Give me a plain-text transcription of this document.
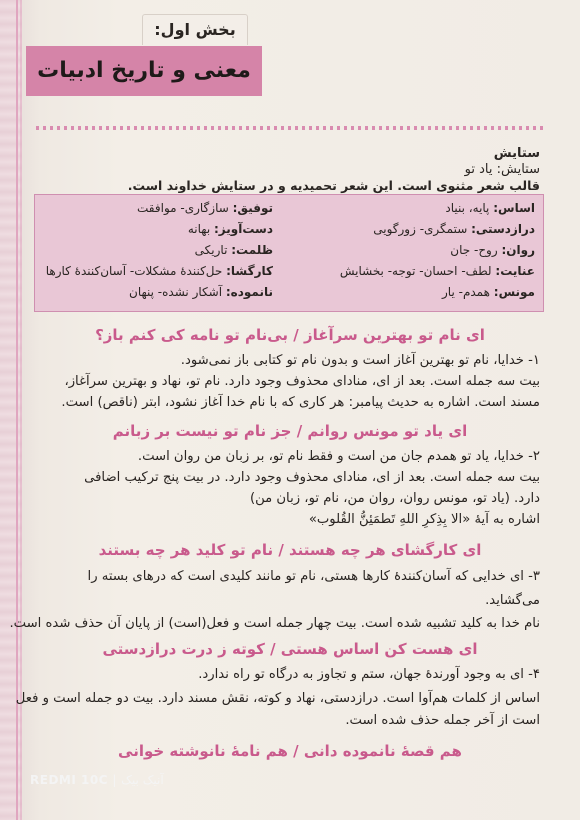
بخش اول:
معنی و تاریخ ادبیات
ستایش
ستایش: یاد تو
قالب شعر مثنوی است. این شعر تحمیدیه و در ستایش خداوند است.
اساس: پایه، بنیاد
درازدستی: ستمگری- زورگویی
روان: روح- جان
عنایت: لطف- احسان- توجه- بخشایش
مونس: همدم- یار
توفیق: سازگاری- موافقت
دست‌آویز: بهانه
ظلمت: تاریکی
کارگشا: حل‌کنندهٔ مشکلات- آسان‌کنندهٔ کارها
نانموده: آشکار نشده- پنهان
ای نام تو بهترین سرآغاز / بی‌نام تو نامه کی کنم باز؟
۱- خدایا، نام تو بهترین آغاز است و بدون نام تو کتابی باز نمی‌شود.
بیت سه جمله است. بعد از ای، منادای محذوف وجود دارد. نام تو، نهاد و بهترین سرآغاز،
مسند است. اشاره به حدیث پیامبر: هر کاری که با نام خدا آغاز نشود، ابتر (ناقص) است.
ای یاد تو مونس روانم / جز نام تو نیست بر زبانم
۲- خدایا، یاد تو همدم جان من است و فقط نام تو، بر زبان من روان است.
بیت سه جمله است. بعد از ای، منادای محذوف وجود دارد. در بیت پنج ترکیب اضافی
دارد. (یاد تو، مونس روان، روان من، نام تو، زبان من)
اشاره به آیهٔ «الا بِذِکرِ اللهِ تَطمَئِنُّ القُلوب»
ای کارگشای هر چه هستند / نام تو کلید هر چه بستند
۳- ای خدایی که آسان‌کنندهٔ کارها هستی، نام تو مانند کلیدی است که درهای بسته را
می‌گشاید.
نام خدا به کلید تشبیه شده است. بیت چهار جمله است و فعل(است) از پایان آن حذف شده است.
ای هست کن اساس هستی / کوته ز درت درازدستی
۴- ای به وجود آورندهٔ جهان، ستم و تجاوز به درگاه تو راه ندارد.
اساس از کلمات هم‌آوا است. درازدستی، نهاد و کوته، نقش مسند دارد. بیت دو جمله است و فعل
است از آخر جمله حذف شده است.
هم قصهٔ نانموده دانی / هم نامهٔ نانوشته خوانی
REDMI 10C | آنیک بیک
